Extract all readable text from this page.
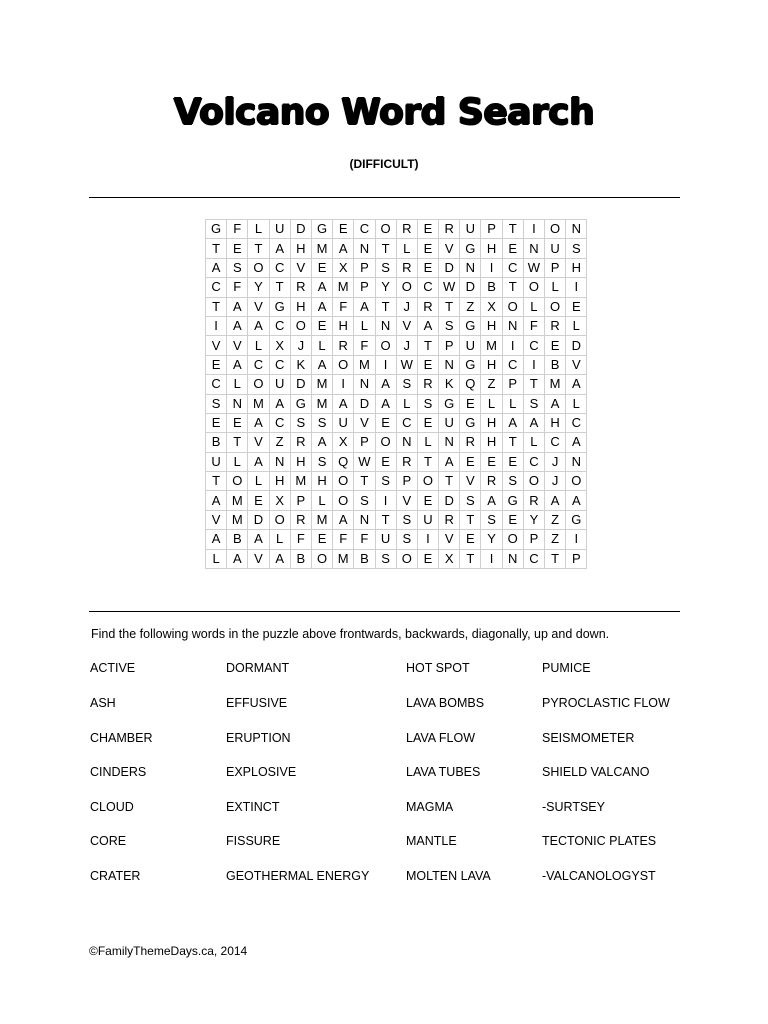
Volcano Word Search
(DIFFICULT)
G	F	L	U	D	G	E	C	O	R	E	R	U	P	T	I	O	N
T	E	T	A	H	M	A	N	T	L	E	V	G	H	E	N	U	S
A	S	O	C	V	E	X	P	S	R	E	D	N	I	C	W	P	H
C	F	Y	T	R	A	M	P	Y	O	C	W	D	B	T	O	L	I
T	A	V	G	H	A	F	A	T	J	R	T	Z	X	O	L	O	E
I	A	A	C	O	E	H	L	N	V	A	S	G	H	N	F	R	L
V	V	L	X	J	L	R	F	O	J	T	P	U	M	I	C	E	D
E	A	C	C	K	A	O	M	I	W	E	N	G	H	C	I	B	V
C	L	O	U	D	M	I	N	A	S	R	K	Q	Z	P	T	M	A
S	N	M	A	G	M	A	D	A	L	S	G	E	L	L	S	A	L
E	E	A	C	S	S	U	V	E	C	E	U	G	H	A	A	H	C
B	T	V	Z	R	A	X	P	O	N	L	N	R	H	T	L	C	A
U	L	A	N	H	S	Q	W	E	R	T	A	E	E	E	C	J	N
T	O	L	H	M	H	O	T	S	P	O	T	V	R	S	O	J	O
A	M	E	X	P	L	O	S	I	V	E	D	S	A	G	R	A	A
V	M	D	O	R	M	A	N	T	S	U	R	T	S	E	Y	Z	G
A	B	A	L	F	E	F	F	U	S	I	V	E	Y	O	P	Z	I
L	A	V	A	B	O	M	B	S	O	E	X	T	I	N	C	T	P
Find the following words in the puzzle above frontwards, backwards, diagonally, up and down.
ACTIVE
ASH
CHAMBER
CINDERS
CLOUD
CORE
CRATER
DORMANT
EFFUSIVE
ERUPTION
EXPLOSIVE
EXTINCT
FISSURE
GEOTHERMAL ENERGY
HOT SPOT
LAVA BOMBS
LAVA FLOW
LAVA TUBES
MAGMA
MANTLE
MOLTEN LAVA
PUMICE
PYROCLASTIC FLOW
SEISMOMETER
SHIELD VALCANO
-SURTSEY
TECTONIC PLATES
-VALCANOLOGYST
©FamilyThemeDays.ca, 2014
